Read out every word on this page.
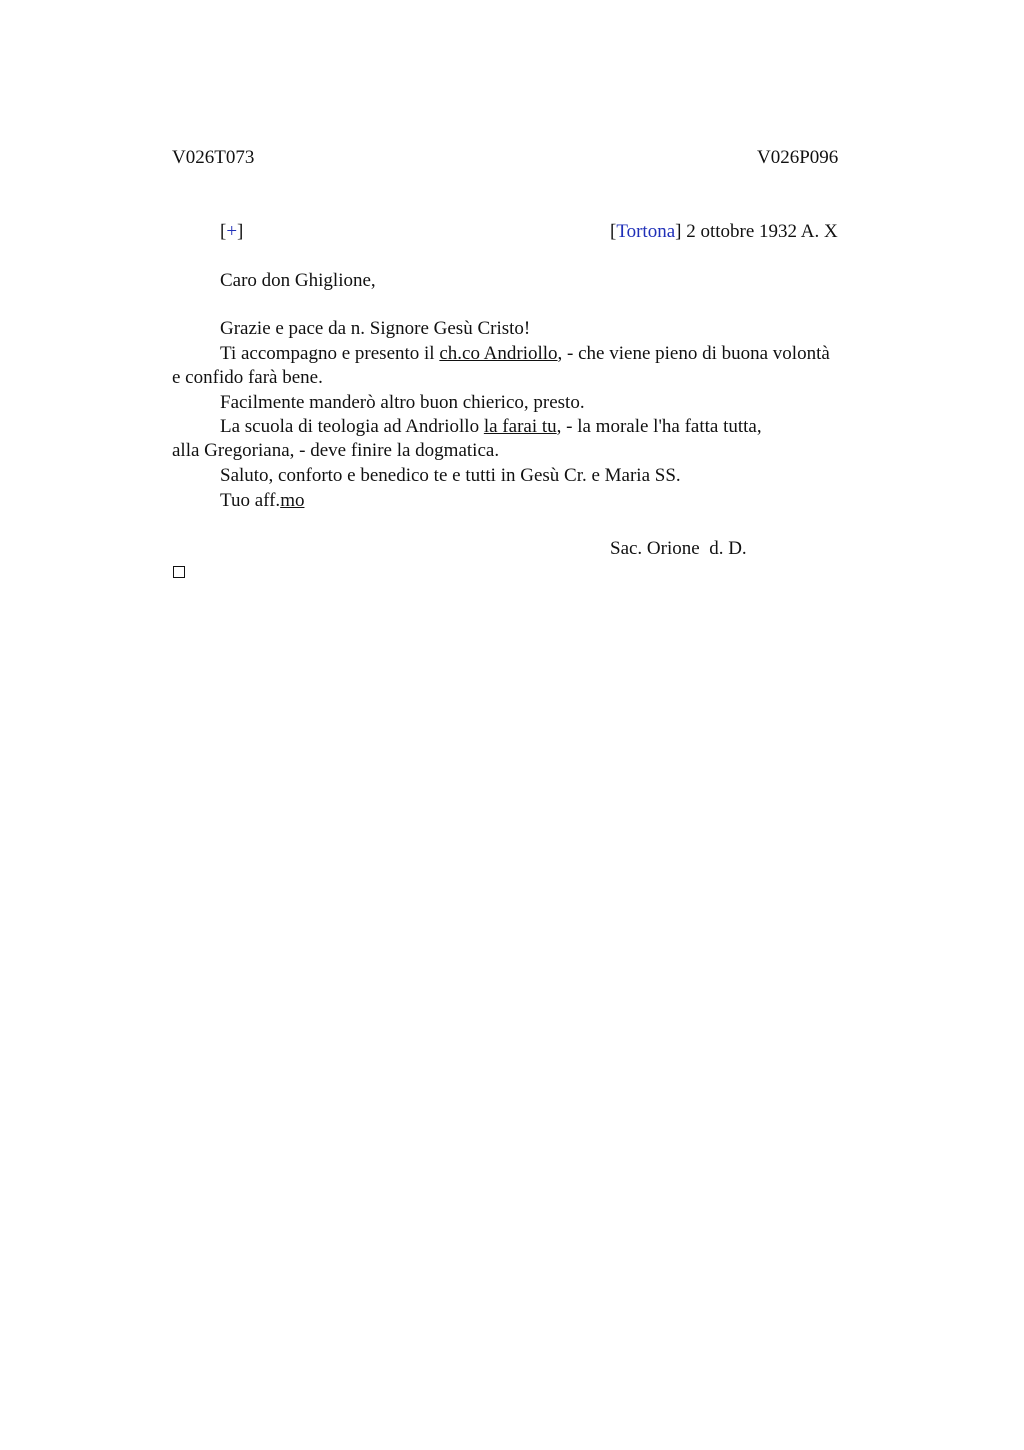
V026T073	V026P096
[+]	[Tortona] 2 ottobre 1932 A. X
Caro don Ghiglione,
Grazie e pace da n. Signore Gesù Cristo!
Ti accompagno e presento il ch.co Andriollo, - che viene pieno di buona volontà
e confido farà bene.
Facilmente manderò altro buon chierico, presto.
La scuola di teologia ad Andriollo la farai tu, - la morale l'ha fatta tutta,
alla Gregoriana, - deve finire la dogmatica.
Saluto, conforto e benedico te e tutti in Gesù Cr. e Maria SS.
Tuo aff.mo
Sac. Orione  d. D.
